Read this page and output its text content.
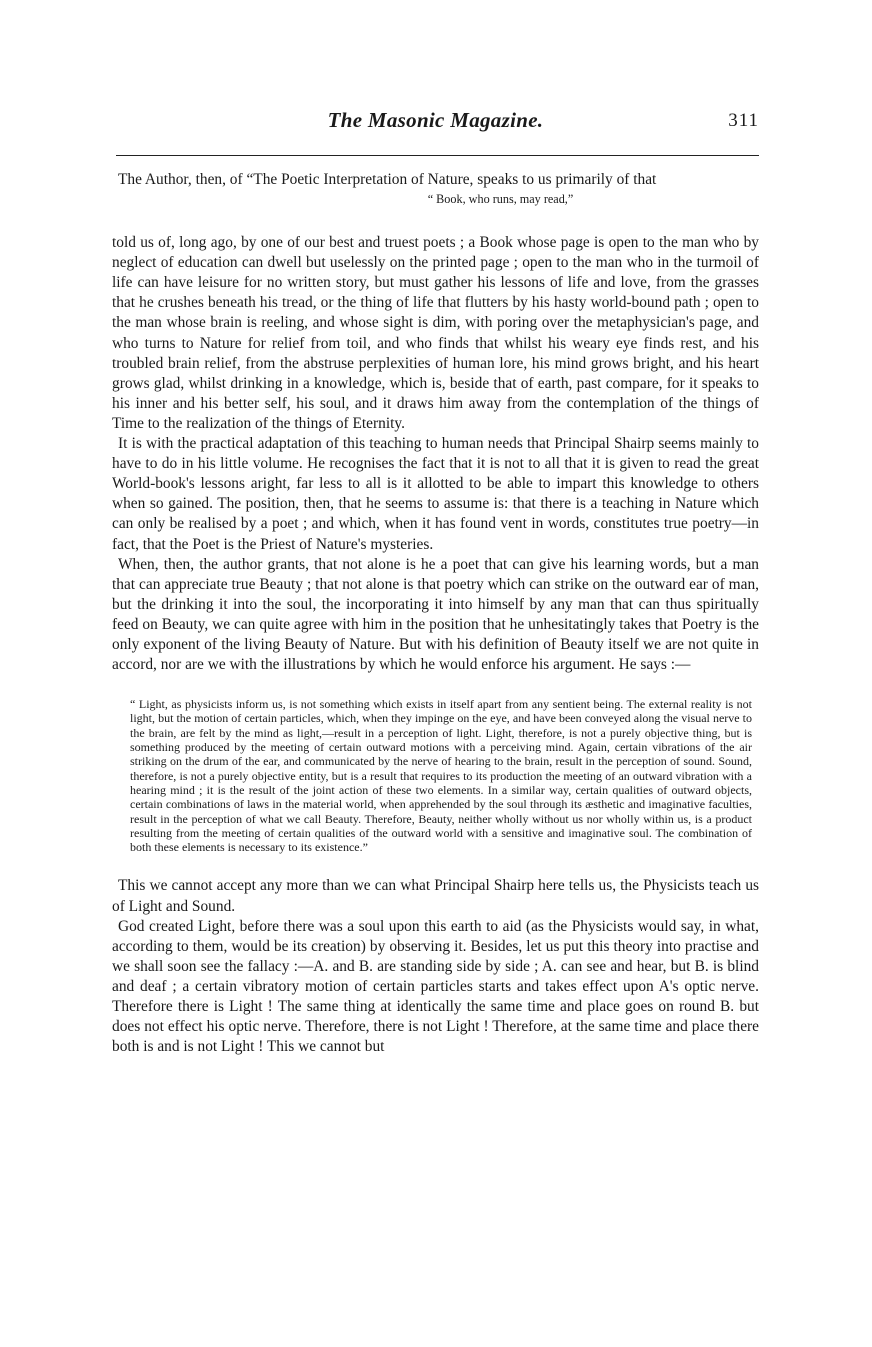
The Masonic Magazine.	311

The Author, then, of “The Poetic Interpretation of Nature, speaks to us primarily of that

“ Book, who runs, may read,”

told us of, long ago, by one of our best and truest poets ; a Book whose page is open to the man who by neglect of education can dwell but uselessly on the printed page ; open to the man who in the turmoil of life can have leisure for no written story, but must gather his lessons of life and love, from the grasses that he crushes beneath his tread, or the thing of life that flutters by his hasty world-bound path ; open to the man whose brain is reeling, and whose sight is dim, with poring over the metaphysician's page, and who turns to Nature for relief from toil, and who finds that whilst his weary eye finds rest, and his troubled brain relief, from the abstruse perplexities of human lore, his mind grows bright, and his heart grows glad, whilst drinking in a knowledge, which is, beside that of earth, past compare, for it speaks to his inner and his better self, his soul, and it draws him away from the contemplation of the things of Time to the realization of the things of Eternity.

It is with the practical adaptation of this teaching to human needs that Principal Shairp seems mainly to have to do in his little volume. He recognises the fact that it is not to all that it is given to read the great World-book's lessons aright, far less to all is it allotted to be able to impart this knowledge to others when so gained. The position, then, that he seems to assume is: that there is a teaching in Nature which can only be realised by a poet ; and which, when it has found vent in words, constitutes true poetry—in fact, that the Poet is the Priest of Nature's mysteries.

When, then, the author grants, that not alone is he a poet that can give his learning words, but a man that can appreciate true Beauty ; that not alone is that poetry which can strike on the outward ear of man, but the drinking it into the soul, the incorporating it into himself by any man that can thus spiritually feed on Beauty, we can quite agree with him in the position that he unhesitatingly takes that Poetry is the only exponent of the living Beauty of Nature. But with his definition of Beauty itself we are not quite in accord, nor are we with the illustrations by which he would enforce his argument. He says :—

“ Light, as physicists inform us, is not something which exists in itself apart from any sentient being. The external reality is not light, but the motion of certain particles, which, when they impinge on the eye, and have been conveyed along the visual nerve to the brain, are felt by the mind as light,—result in a perception of light. Light, therefore, is not a purely objective thing, but is something produced by the meeting of certain outward motions with a perceiving mind. Again, certain vibrations of the air striking on the drum of the ear, and communicated by the nerve of hearing to the brain, result in the perception of sound. Sound, therefore, is not a purely objective entity, but is a result that requires to its production the meeting of an outward vibration with a hearing mind ; it is the result of the joint action of these two elements. In a similar way, certain qualities of outward objects, certain combinations of laws in the material world, when apprehended by the soul through its æsthetic and imaginative faculties, result in the perception of what we call Beauty. Therefore, Beauty, neither wholly without us nor wholly within us, is a product resulting from the meeting of certain qualities of the outward world with a sensitive and imaginative soul. The combination of both these elements is necessary to its existence.”

This we cannot accept any more than we can what Principal Shairp here tells us, the Physicists teach us of Light and Sound.

God created Light, before there was a soul upon this earth to aid (as the Physicists would say, in what, according to them, would be its creation) by observing it. Besides, let us put this theory into practise and we shall soon see the fallacy :—A. and B. are standing side by side ; A. can see and hear, but B. is blind and deaf ; a certain vibratory motion of certain particles starts and takes effect upon A's optic nerve. Therefore there is Light ! The same thing at identically the same time and place goes on round B. but does not effect his optic nerve. Therefore, there is not Light ! Therefore, at the same time and place there both is and is not Light ! This we cannot but
